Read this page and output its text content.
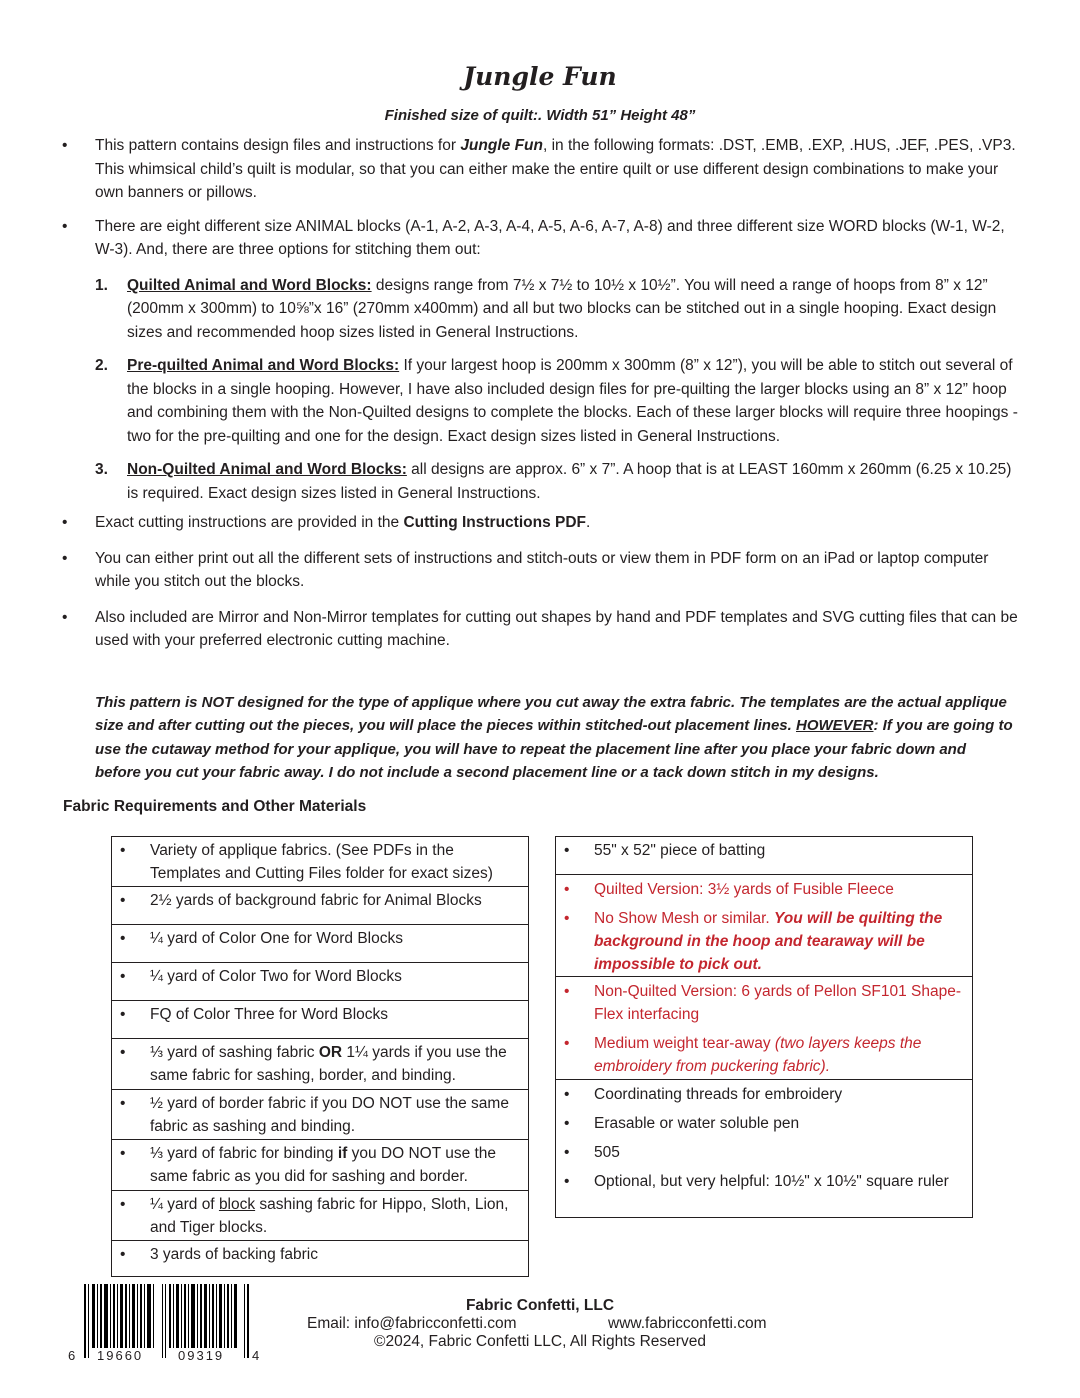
Jungle Fun
Finished size of quilt:. Width 51” Height 48”
• This pattern contains design files and instructions for Jungle Fun, in the following formats: .DST, .EMB, .EXP, .HUS, .JEF, .PES, .VP3. This whimsical child’s quilt is modular, so that you can either make the entire quilt or use different design combinations to make your own banners or pillows.
• There are eight different size ANIMAL blocks (A-1, A-2, A-3, A-4, A-5, A-6, A-7, A-8) and three different size WORD blocks (W-1, W-2, W-3). And, there are three options for stitching them out:
1. Quilted Animal and Word Blocks: designs range from 7½ x 7½ to 10½ x 10½”. You will need a range of hoops from 8” x 12” (200mm x 300mm) to 10⅝”x 16” (270mm x400mm) and all but two blocks can be stitched out in a single hooping. Exact design sizes and recommended hoop sizes listed in General Instructions.
2. Pre-quilted Animal and Word Blocks: If your largest hoop is 200mm x 300mm (8” x 12”), you will be able to stitch out several of the blocks in a single hooping. However, I have also included design files for pre-quilting the larger blocks using an 8” x 12” hoop and combining them with the Non-Quilted designs to complete the blocks. Each of these larger blocks will require three hoopings - two for the pre-quilting and one for the design. Exact design sizes listed in General Instructions.
3. Non-Quilted Animal and Word Blocks: all designs are approx. 6” x 7”. A hoop that is at LEAST 160mm x 260mm (6.25 x 10.25) is required. Exact design sizes listed in General Instructions.
• Exact cutting instructions are provided in the Cutting Instructions PDF.
• You can either print out all the different sets of instructions and stitch-outs or view them in PDF form on an iPad or laptop computer while you stitch out the blocks.
• Also included are Mirror and Non-Mirror templates for cutting out shapes by hand and PDF templates and SVG cutting files that can be used with your preferred electronic cutting machine.
This pattern is NOT designed for the type of applique where you cut away the extra fabric. The templates are the actual applique size and after cutting out the pieces, you will place the pieces within stitched-out placement lines. HOWEVER: If you are going to use the cutaway method for your applique, you will have to repeat the placement line after you place your fabric down and before you cut your fabric away. I do not include a second placement line or a tack down stitch in my designs.
Fabric Requirements and Other Materials
• Variety of applique fabrics. (See PDFs in the Templates and Cutting Files folder for exact sizes)
• 2½ yards of background fabric for Animal Blocks
• ¼ yard of Color One for Word Blocks
• ¼ yard of Color Two for Word Blocks
• FQ of Color Three for Word Blocks
• ⅓ yard of sashing fabric OR 1¼ yards if you use the same fabric for sashing, border, and binding.
• ½ yard of border fabric if you DO NOT use the same fabric as sashing and binding.
• ⅓ yard of fabric for binding if you DO NOT use the same fabric as you did for sashing and border.
• ¼ yard of block sashing fabric for Hippo, Sloth, Lion, and Tiger blocks.
• 3 yards of backing fabric
• 55" x 52" piece of batting
• Quilted Version: 3½ yards of Fusible Fleece
• No Show Mesh or similar. You will be quilting the background in the hoop and tearaway will be impossible to pick out.
• Non-Quilted Version: 6 yards of Pellon SF101 Shape-Flex interfacing
• Medium weight tear-away (two layers keeps the embroidery from puckering fabric).
• Coordinating threads for embroidery
• Erasable or water soluble pen
• 505
• Optional, but very helpful: 10½" x 10½" square ruler
6 19660	09319 4
Fabric Confetti, LLC
Email: info@fabricconfetti.com	www.fabricconfetti.com
©2024, Fabric Confetti LLC, All Rights Reserved
